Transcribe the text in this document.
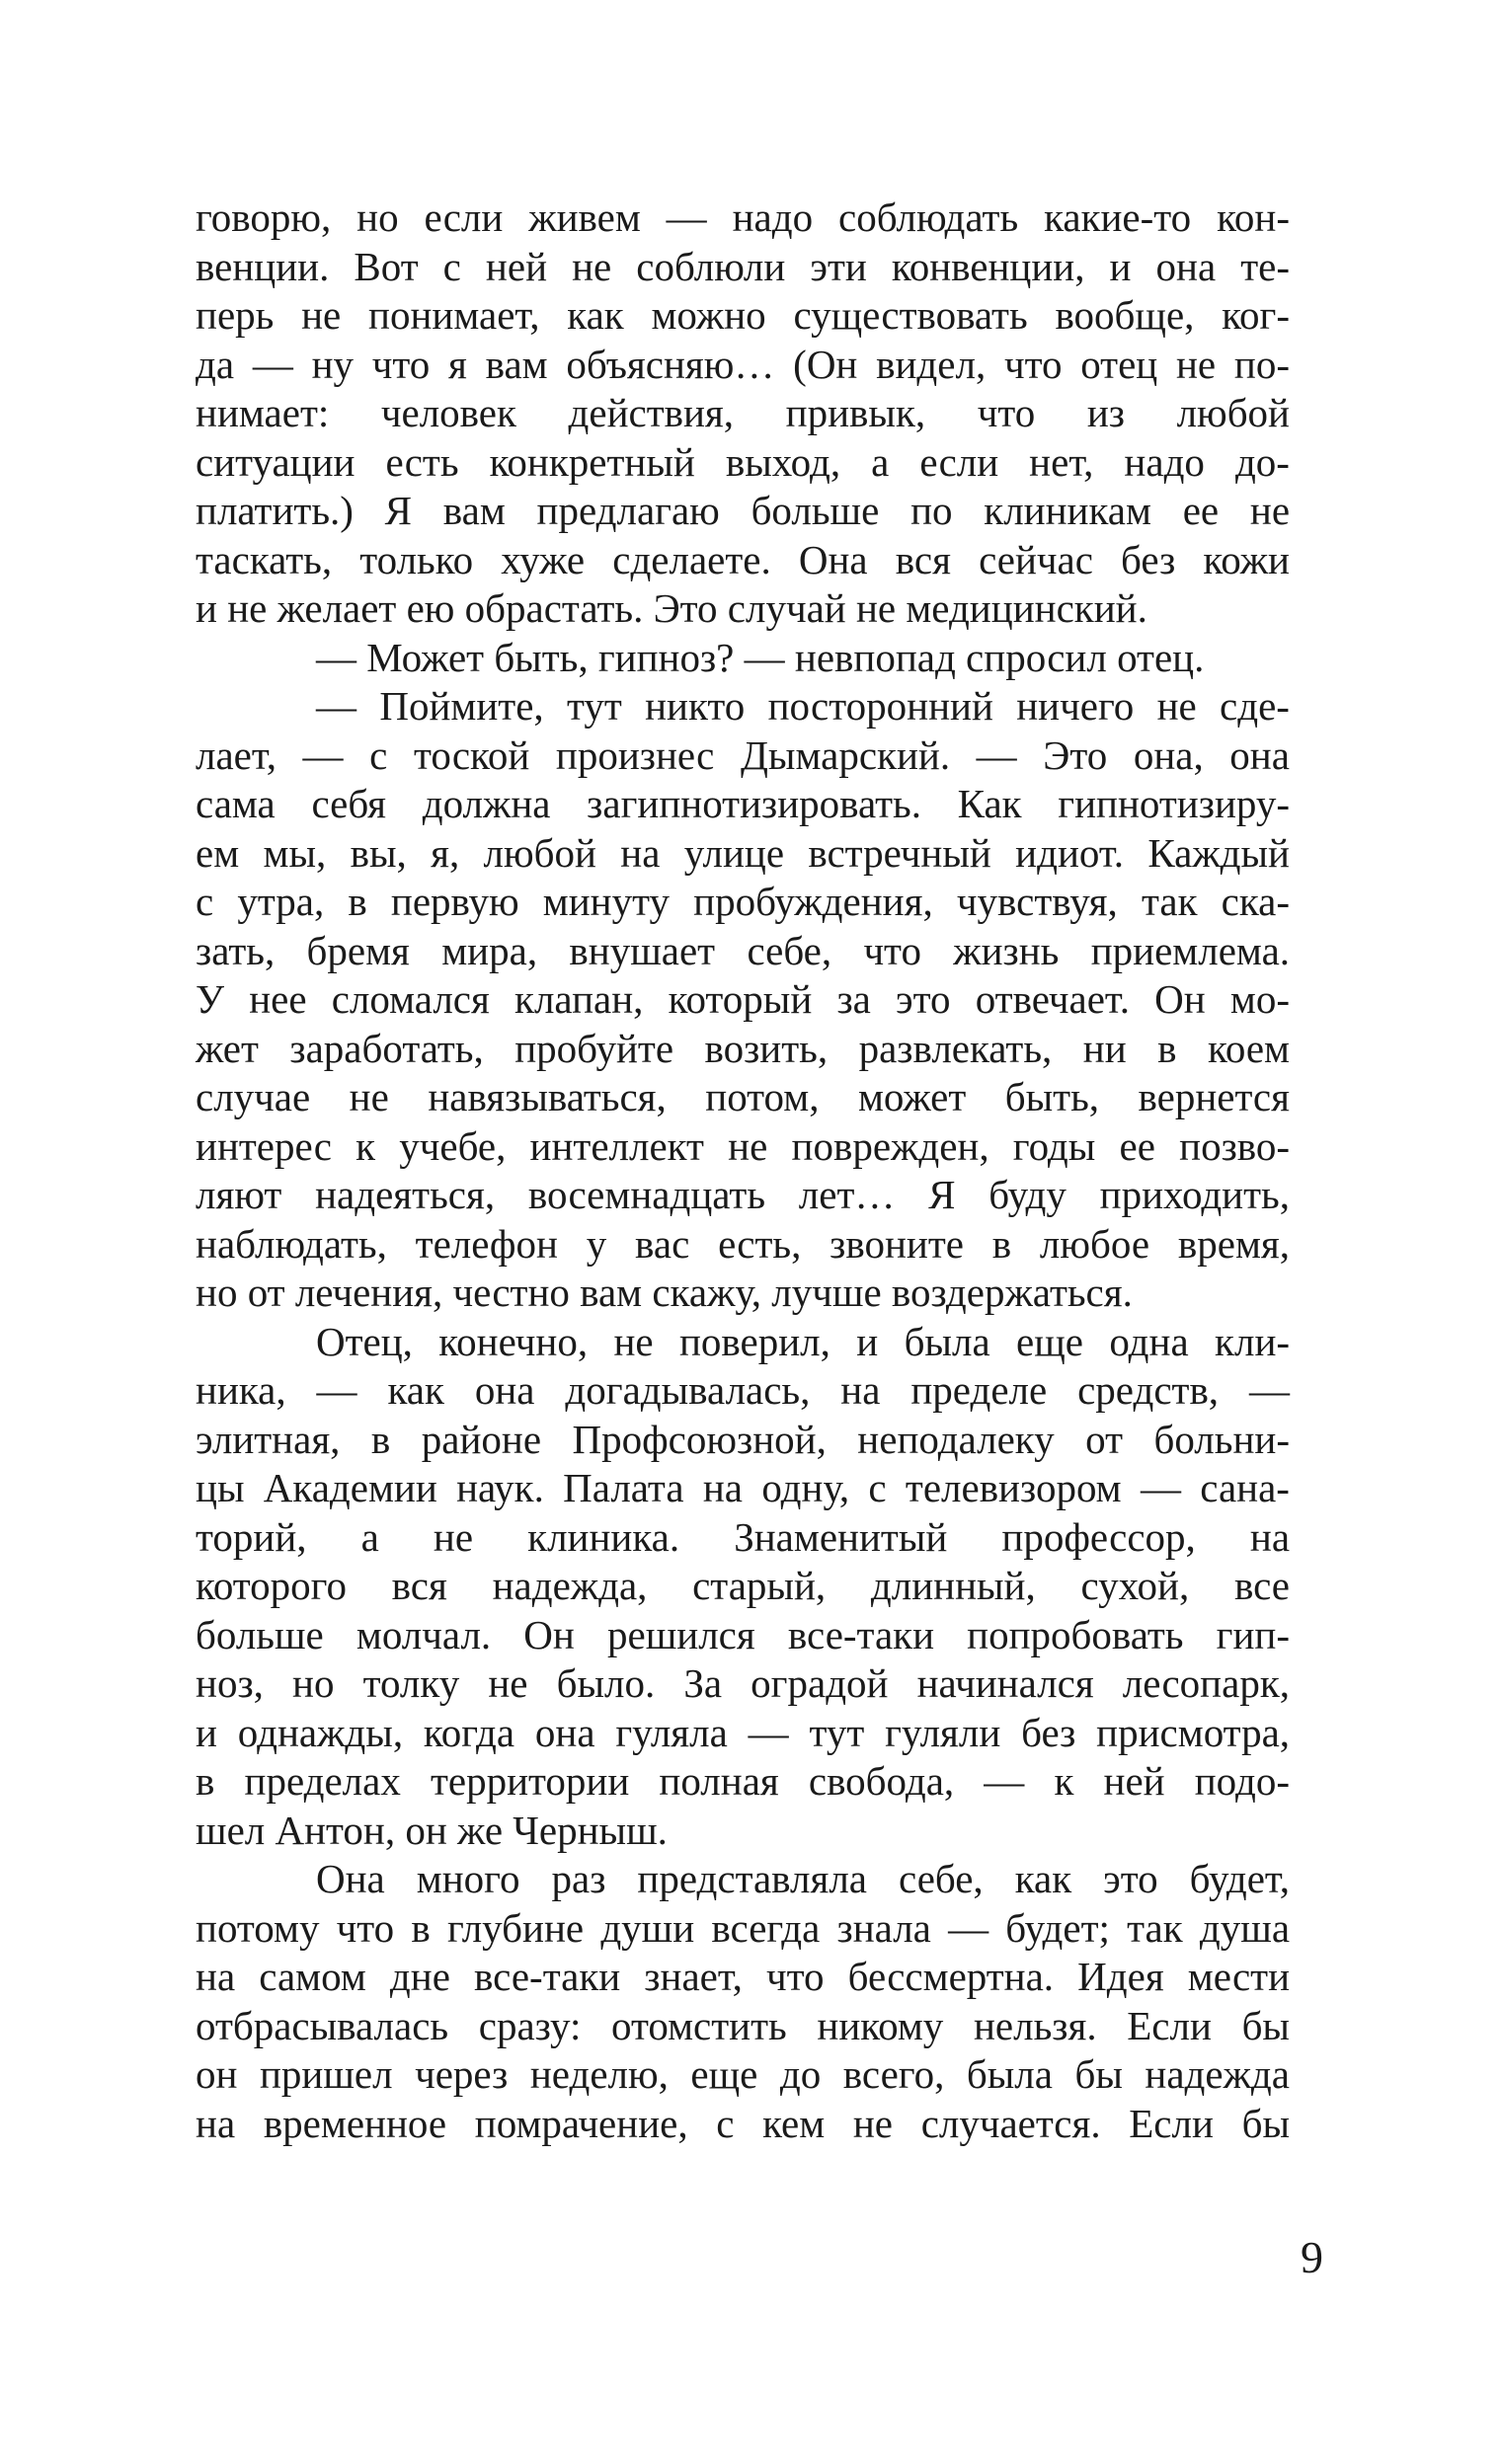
говорю, но если живем — надо соблюдать какие-то кон-
венции. Вот с ней не соблюли эти конвенции, и она те-
перь не понимает, как можно существовать вообще, ког-
да — ну что я вам объясняю… (Он видел, что отец не по-
нимает: человек действия, привык, что из любой
ситуации есть конкретный выход, а если нет, надо до-
платить.) Я вам предлагаю больше по клиникам ее не
таскать, только хуже сделаете. Она вся сейчас без кожи
и не желает ею обрастать. Это случай не медицинский.
— Может быть, гипноз? — невпопад спросил отец.
— Поймите, тут никто посторонний ничего не сде-
лает, — с тоской произнес Дымарский. — Это она, она
сама себя должна загипнотизировать. Как гипнотизиру-
ем мы, вы, я, любой на улице встречный идиот. Каждый
с утра, в первую минуту пробуждения, чувствуя, так ска-
зать, бремя мира, внушает себе, что жизнь приемлема.
У нее сломался клапан, который за это отвечает. Он мо-
жет заработать, пробуйте возить, развлекать, ни в коем
случае не навязываться, потом, может быть, вернется
интерес к учебе, интеллект не поврежден, годы ее позво-
ляют надеяться, восемнадцать лет… Я буду приходить,
наблюдать, телефон у вас есть, звоните в любое время,
но от лечения, честно вам скажу, лучше воздержаться.
Отец, конечно, не поверил, и была еще одна кли-
ника, — как она догадывалась, на пределе средств, —
элитная, в районе Профсоюзной, неподалеку от больни-
цы Академии наук. Палата на одну, с телевизором — сана-
торий, а не клиника. Знаменитый профессор, на
которого вся надежда, старый, длинный, сухой, все
больше молчал. Он решился все-таки попробовать гип-
ноз, но толку не было. За оградой начинался лесопарк,
и однажды, когда она гуляла — тут гуляли без присмотра,
в пределах территории полная свобода, — к ней подо-
шел Антон, он же Черныш.
Она много раз представляла себе, как это будет,
потому что в глубине души всегда знала — будет; так душа
на самом дне все-таки знает, что бессмертна. Идея мести
отбрасывалась сразу: отомстить никому нельзя. Если бы
он пришел через неделю, еще до всего, была бы надежда
на временное помрачение, с кем не случается. Если бы
9
